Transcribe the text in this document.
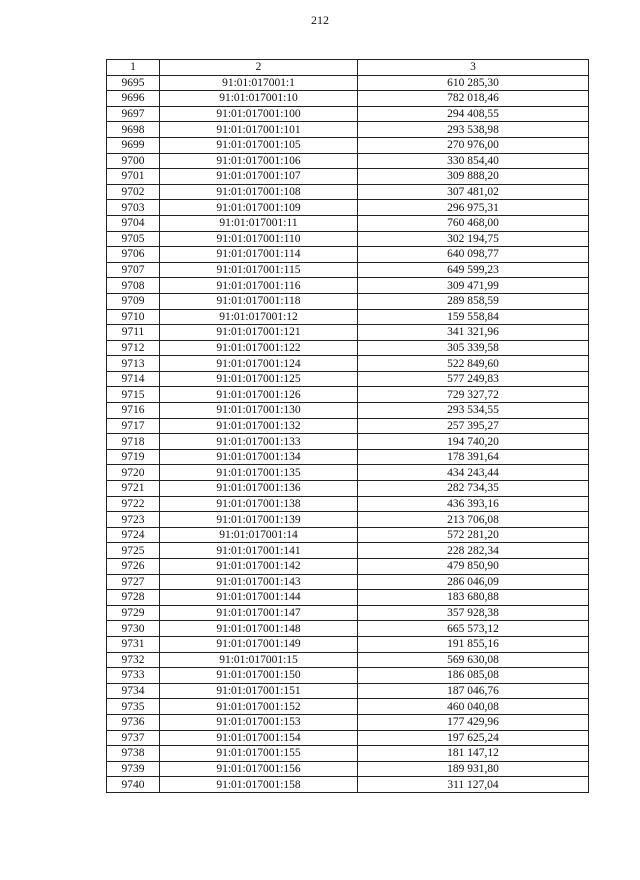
212
1	2	3
9695	91:01:017001:1	610 285,30
9696	91:01:017001:10	782 018,46
9697	91:01:017001:100	294 408,55
9698	91:01:017001:101	293 538,98
9699	91:01:017001:105	270 976,00
9700	91:01:017001:106	330 854,40
9701	91:01:017001:107	309 888,20
9702	91:01:017001:108	307 481,02
9703	91:01:017001:109	296 975,31
9704	91:01:017001:11	760 468,00
9705	91:01:017001:110	302 194,75
9706	91:01:017001:114	640 098,77
9707	91:01:017001:115	649 599,23
9708	91:01:017001:116	309 471,99
9709	91:01:017001:118	289 858,59
9710	91:01:017001:12	159 558,84
9711	91:01:017001:121	341 321,96
9712	91:01:017001:122	305 339,58
9713	91:01:017001:124	522 849,60
9714	91:01:017001:125	577 249,83
9715	91:01:017001:126	729 327,72
9716	91:01:017001:130	293 534,55
9717	91:01:017001:132	257 395,27
9718	91:01:017001:133	194 740,20
9719	91:01:017001:134	178 391,64
9720	91:01:017001:135	434 243,44
9721	91:01:017001:136	282 734,35
9722	91:01:017001:138	436 393,16
9723	91:01:017001:139	213 706,08
9724	91:01:017001:14	572 281,20
9725	91:01:017001:141	228 282,34
9726	91:01:017001:142	479 850,90
9727	91:01:017001:143	286 046,09
9728	91:01:017001:144	183 680,88
9729	91:01:017001:147	357 928,38
9730	91:01:017001:148	665 573,12
9731	91:01:017001:149	191 855,16
9732	91:01:017001:15	569 630,08
9733	91:01:017001:150	186 085,08
9734	91:01:017001:151	187 046,76
9735	91:01:017001:152	460 040,08
9736	91:01:017001:153	177 429,96
9737	91:01:017001:154	197 625,24
9738	91:01:017001:155	181 147,12
9739	91:01:017001:156	189 931,80
9740	91:01:017001:158	311 127,04
